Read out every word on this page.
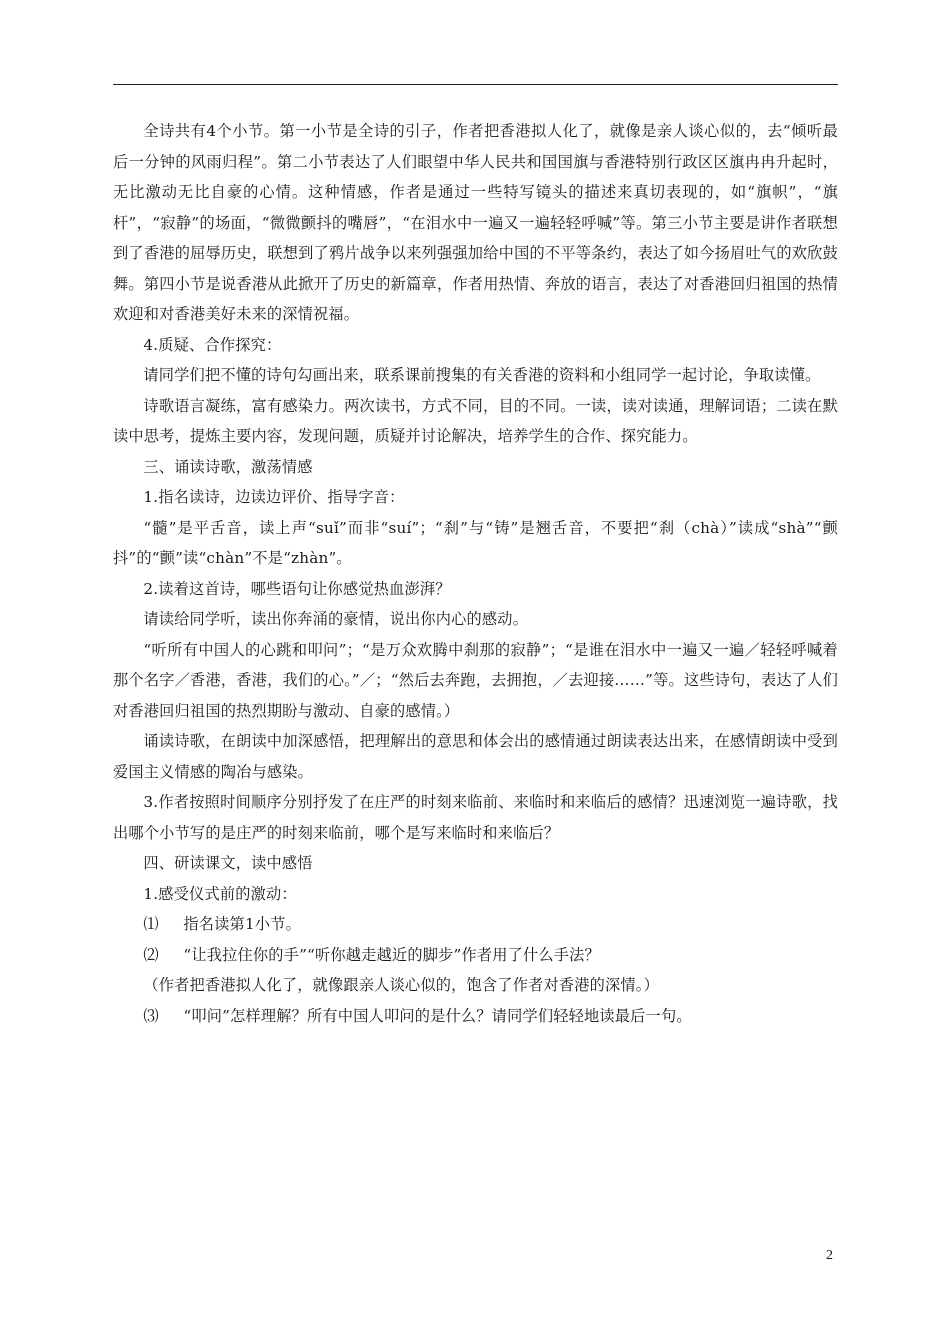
全诗共有4个小节。第一小节是全诗的引子，作者把香港拟人化了，就像是亲人谈心似的，去“倾听最后一分钟的风雨归程”。第二小节表达了人们眼望中华人民共和国国旗与香港特别行政区区旗冉冉升起时，无比激动无比自豪的心情。这种情感，作者是通过一些特写镜头的描述来真切表现的，如“旗帜”，“旗杆”，“寂静”的场面，“微微颤抖的嘴唇”，“在泪水中一遍又一遍轻轻呼喊”等。第三小节主要是讲作者联想到了香港的屈辱历史，联想到了鸦片战争以来列强强加给中国的不平等条约，表达了如今扬眉吐气的欢欣鼓舞。第四小节是说香港从此掀开了历史的新篇章，作者用热情、奔放的语言，表达了对香港回归祖国的热情欢迎和对香港美好未来的深情祝福。

4.质疑、合作探究：

请同学们把不懂的诗句勾画出来，联系课前搜集的有关香港的资料和小组同学一起讨论，争取读懂。

诗歌语言凝练，富有感染力。两次读书，方式不同，目的不同。一读，读对读通，理解词语；二读在默读中思考，提炼主要内容，发现问题，质疑并讨论解决，培养学生的合作、探究能力。

三、诵读诗歌，激荡情感

1.指名读诗，边读边评价、指导字音：

“髓”是平舌音，读上声“suǐ”而非“suí”；“刹”与“铸”是翘舌音，不要把“刹（chà）”读成“shà”“颤抖”的“颤”读“chàn”不是“zhàn”。

2.读着这首诗，哪些语句让你感觉热血澎湃？

请读给同学听，读出你奔涌的豪情，说出你内心的感动。

“听所有中国人的心跳和叩问”；“是万众欢腾中刹那的寂静”；“是谁在泪水中一遍又一遍／轻轻呼喊着那个名字／香港，香港，我们的心。”／；“然后去奔跑，去拥抱，／去迎接……”等。这些诗句，表达了人们对香港回归祖国的热烈期盼与激动、自豪的感情。）

诵读诗歌，在朗读中加深感悟，把理解出的意思和体会出的感情通过朗读表达出来，在感情朗读中受到爱国主义情感的陶冶与感染。

3.作者按照时间顺序分别抒发了在庄严的时刻来临前、来临时和来临后的感情？迅速浏览一遍诗歌，找出哪个小节写的是庄严的时刻来临前，哪个是写来临时和来临后？

四、研读课文，读中感悟

1.感受仪式前的激动：

⑴ 指名读第1小节。

⑵ “让我拉住你的手”“听你越走越近的脚步”作者用了什么手法？

（作者把香港拟人化了，就像跟亲人谈心似的，饱含了作者对香港的深情。）

⑶ “叩问”怎样理解？所有中国人叩问的是什么？请同学们轻轻地读最后一句。

2
